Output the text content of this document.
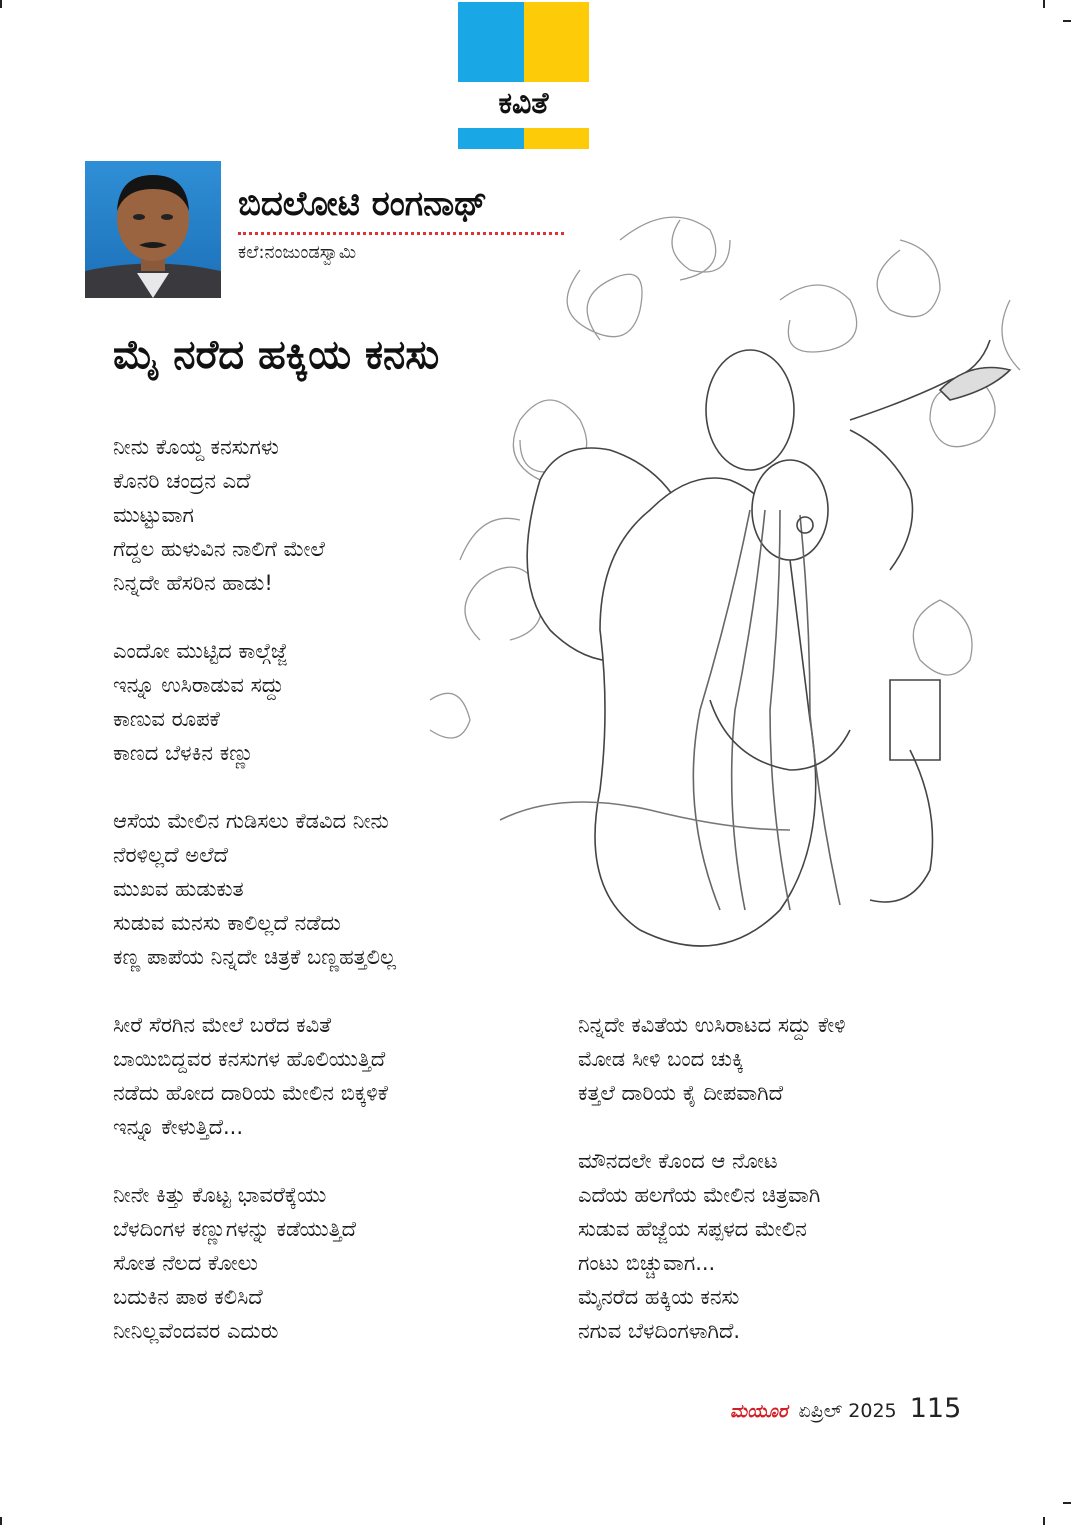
ಕವಿತೆ
ಬಿದಲೋಟಿ ರಂಗನಾಥ್
ಕಲೆ:ನಂಜುಂಡಸ್ವಾಮಿ
ಮೈ ನರೆದ ಹಕ್ಕಿಯ ಕನಸು
ನೀನು ಕೊಯ್ದ ಕನಸುಗಳು
ಕೊನರಿ ಚಂದ್ರನ ಎದೆ
ಮುಟ್ಟುವಾಗ
ಗೆದ್ದಲ ಹುಳುವಿನ ನಾಲಿಗೆ ಮೇಲೆ
ನಿನ್ನದೇ ಹೆಸರಿನ ಹಾಡು!
ಎಂದೋ ಮುಟ್ಟಿದ ಕಾಲ್ಗೆಜ್ಜೆ
ಇನ್ನೂ ಉಸಿರಾಡುವ ಸದ್ದು
ಕಾಣುವ ರೂಪಕೆ
ಕಾಣದ ಬೆಳಕಿನ ಕಣ್ಣು
ಆಸೆಯ ಮೇಲಿನ ಗುಡಿಸಲು ಕೆಡವಿದ ನೀನು
ನೆರಳಿಲ್ಲದೆ ಅಲೆದೆ
ಮುಖವ ಹುಡುಕುತ
ಸುಡುವ ಮನಸು ಕಾಲಿಲ್ಲದೆ ನಡೆದು
ಕಣ್ಣ ಪಾಪೆಯ ನಿನ್ನದೇ ಚಿತ್ರಕೆ ಬಣ್ಣಹತ್ತಲಿಲ್ಲ
ಸೀರೆ ಸೆರಗಿನ ಮೇಲೆ ಬರೆದ ಕವಿತೆ
ಬಾಯಿಬಿದ್ದವರ ಕನಸುಗಳ ಹೊಲಿಯುತ್ತಿದೆ
ನಡೆದು ಹೋದ ದಾರಿಯ ಮೇಲಿನ ಬಿಕ್ಕಳಿಕೆ
ಇನ್ನೂ ಕೇಳುತ್ತಿದೆ...
ನೀನೇ ಕಿತ್ತು ಕೊಟ್ಟ ಭಾವರೆಕ್ಕೆಯು
ಬೆಳದಿಂಗಳ ಕಣ್ಣುಗಳನ್ನು ಕಡೆಯುತ್ತಿದೆ
ಸೋತ ನೆಲದ ಕೋಲು
ಬದುಕಿನ ಪಾಠ ಕಲಿಸಿದೆ
ನೀನಿಲ್ಲವೆಂದವರ ಎದುರು
ನಿನ್ನದೇ ಕವಿತೆಯ ಉಸಿರಾಟದ ಸದ್ದು ಕೇಳಿ
ಮೋಡ ಸೀಳಿ ಬಂದ ಚುಕ್ಕಿ
ಕತ್ತಲೆ ದಾರಿಯ ಕೈ ದೀಪವಾಗಿದೆ
ಮೌನದಲೇ ಕೊಂದ ಆ ನೋಟ
ಎದೆಯ ಹಲಗೆಯ ಮೇಲಿನ ಚಿತ್ರವಾಗಿ
ಸುಡುವ ಹೆಜ್ಜೆಯ ಸಪ್ಪಳದ ಮೇಲಿನ
ಗಂಟು ಬಿಚ್ಚುವಾಗ...
ಮೈನರೆದ ಹಕ್ಕಿಯ ಕನಸು
ನಗುವ ಬೆಳದಿಂಗಳಾಗಿದೆ.
ಮಯೂರ ಏಪ್ರಿಲ್ 2025 115
